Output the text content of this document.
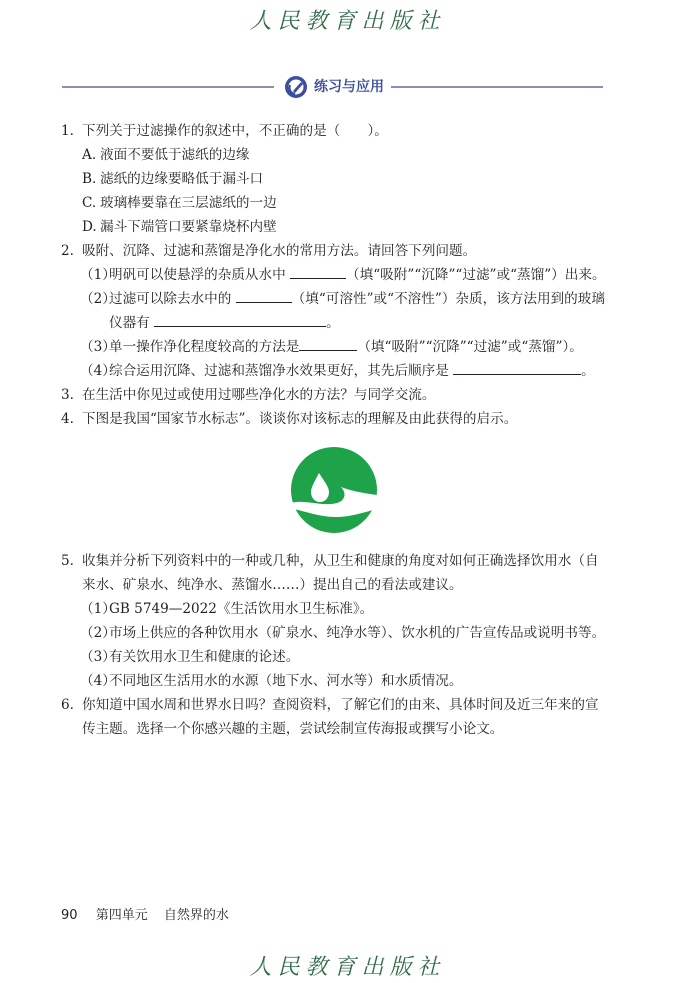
人民教育出版社
练习与应用
1. 下列关于过滤操作的叙述中，不正确的是（　　）。
A. 液面不要低于滤纸的边缘
B. 滤纸的边缘要略低于漏斗口
C. 玻璃棒要靠在三层滤纸的一边
D. 漏斗下端管口要紧靠烧杯内壁
2. 吸附、沉降、过滤和蒸馏是净化水的常用方法。请回答下列问题。
（1）
明矾可以使悬浮的杂质从水中	（填“吸附”“沉降”“过滤”或“蒸馏”）出来。
（2）
过滤可以除去水中的	（填“可溶性”或“不溶性”）杂质，该方法用到的玻璃仪器有	。
（3）
单一操作净化程度较高的方法是	（填“吸附”“沉降”“过滤”或“蒸馏”）。
（4）
综合运用沉降、过滤和蒸馏净水效果更好，其先后顺序是	。
3. 在生活中你见过或使用过哪些净化水的方法？与同学交流。
4. 下图是我国“国家节水标志”。谈谈你对该标志的理解及由此获得的启示。
5. 收集并分析下列资料中的一种或几种，从卫生和健康的角度对如何正确选择饮用水（自来水、矿泉水、纯净水、蒸馏水……）提出自己的看法或建议。
（1）
GB 5749—2022《生活饮用水卫生标准》。
（2）
市场上供应的各种饮用水（矿泉水、纯净水等）、饮水机的广告宣传品或说明书等。
（3）
有关饮用水卫生和健康的论述。
（4）
不同地区生活用水的水源（地下水、河水等）和水质情况。
6. 你知道中国水周和世界水日吗？查阅资料，了解它们的由来、具体时间及近三年来的宣传主题。选择一个你感兴趣的主题，尝试绘制宣传海报或撰写小论文。
90 第四单元 自然界的水
人民教育出版社
